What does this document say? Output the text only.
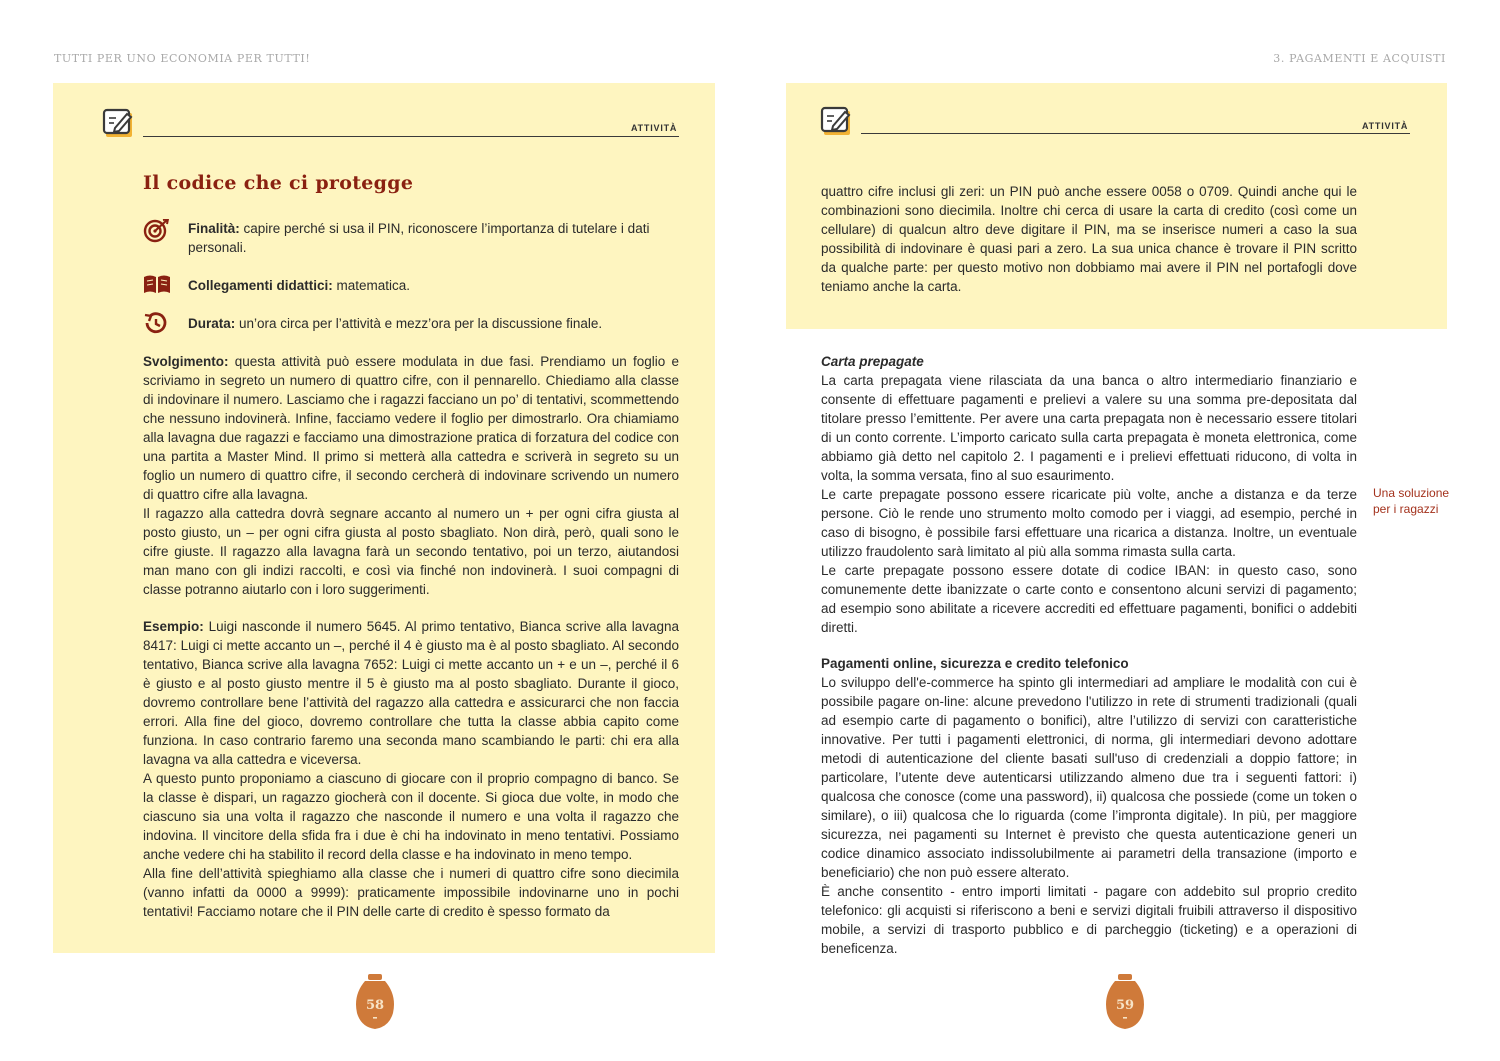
TUTTI PER UNO ECONOMIA PER TUTTI!	3. PAGAMENTI E ACQUISTI
ATTIVITÀ
Il codice che ci protegge
Finalità: capire perché si usa il PIN, riconoscere l’importanza di tutelare i dati personali.
Collegamenti didattici: matematica.
Durata: un’ora circa per l’attività e mezz’ora per la discussione finale.

Svolgimento: questa attività può essere modulata in due fasi. Prendiamo un foglio e scriviamo in segreto un numero di quattro cifre, con il pennarello. Chiediamo alla classe di indovinare il numero. Lasciamo che i ragazzi facciano un po’ di tentativi, scommettendo che nessuno indovinerà. Infine, facciamo vedere il foglio per dimostrarlo. Ora chiamiamo alla lavagna due ragazzi e facciamo una dimostrazione pratica di forzatura del codice con una partita a Master Mind. Il primo si metterà alla cattedra e scriverà in segreto su un foglio un numero di quattro cifre, il secondo cercherà di indovinare scrivendo un numero di quattro cifre alla lavagna.

Il ragazzo alla cattedra dovrà segnare accanto al numero un + per ogni cifra giusta al posto giusto, un – per ogni cifra giusta al posto sbagliato. Non dirà, però, quali sono le cifre giuste. Il ragazzo alla lavagna farà un secondo tentativo, poi un terzo, aiutandosi man mano con gli indizi raccolti, e così via finché non indovinerà. I suoi compagni di classe potranno aiutarlo con i loro suggerimenti.

Esempio: Luigi nasconde il numero 5645. Al primo tentativo, Bianca scrive alla lavagna 8417: Luigi ci mette accanto un –, perché il 4 è giusto ma è al posto sbagliato. Al secondo tentativo, Bianca scrive alla lavagna 7652: Luigi ci mette accanto un + e un –, perché il 6 è giusto e al posto giusto mentre il 5 è giusto ma al posto sbagliato. Durante il gioco, dovremo controllare bene l’attività del ragazzo alla cattedra e assicurarci che non faccia errori. Alla fine del gioco, dovremo controllare che tutta la classe abbia capito come funziona. In caso contrario faremo una seconda mano scambiando le parti: chi era alla lavagna va alla cattedra e viceversa.

A questo punto proponiamo a ciascuno di giocare con il proprio compagno di banco. Se la classe è dispari, un ragazzo giocherà con il docente. Si gioca due volte, in modo che ciascuno sia una volta il ragazzo che nasconde il numero e una volta il ragazzo che indovina. Il vincitore della sfida fra i due è chi ha indovinato in meno tentativi. Possiamo anche vedere chi ha stabilito il record della classe e ha indovinato in meno tempo.

Alla fine dell’attività spieghiamo alla classe che i numeri di quattro cifre sono diecimila (vanno infatti da 0000 a 9999): praticamente impossibile indovinarne uno in pochi tentativi! Facciamo notare che il PIN delle carte di credito è spesso formato da

ATTIVITÀ
quattro cifre inclusi gli zeri: un PIN può anche essere 0058 o 0709. Quindi anche qui le combinazioni sono diecimila. Inoltre chi cerca di usare la carta di credito (così come un cellulare) di qualcun altro deve digitare il PIN, ma se inserisce numeri a caso la sua possibilità di indovinare è quasi pari a zero. La sua unica chance è trovare il PIN scritto da qualche parte: per questo motivo non dobbiamo mai avere il PIN nel portafogli dove teniamo anche la carta.

Carta prepagate

La carta prepagata viene rilasciata da una banca o altro intermediario finanziario e consente di effettuare pagamenti e prelievi a valere su una somma pre-depositata dal titolare presso l’emittente. Per avere una carta prepagata non è necessario essere titolari di un conto corrente. L’importo caricato sulla carta prepagata è moneta elettronica, come abbiamo già detto nel capitolo 2. I pagamenti e i prelievi effettuati riducono, di volta in volta, la somma versata, fino al suo esaurimento.

Le carte prepagate possono essere ricaricate più volte, anche a distanza e da terze persone. Ciò le rende uno strumento molto comodo per i viaggi, ad esempio, perché in caso di bisogno, è possibile farsi effettuare una ricarica a distanza. Inoltre, un eventuale utilizzo fraudolento sarà limitato al più alla somma rimasta sulla carta.

Le carte prepagate possono essere dotate di codice IBAN: in questo caso, sono comunemente dette ibanizzate o carte conto e consentono alcuni servizi di pagamento; ad esempio sono abilitate a ricevere accrediti ed effettuare pagamenti, bonifici o addebiti diretti.

Una soluzione per i ragazzi

Pagamenti online, sicurezza e credito telefonico

Lo sviluppo dell'e-commerce ha spinto gli intermediari ad ampliare le modalità con cui è possibile pagare on-line: alcune prevedono l'utilizzo in rete di strumenti tradizionali (quali ad esempio carte di pagamento o bonifici), altre l’utilizzo di servizi con caratteristiche innovative. Per tutti i pagamenti elettronici, di norma, gli intermediari devono adottare metodi di autenticazione del cliente basati sull'uso di credenziali a doppio fattore; in particolare, l’utente deve autenticarsi utilizzando almeno due tra i seguenti fattori: i) qualcosa che conosce (come una password), ii) qualcosa che possiede (come un token o similare), o iii) qualcosa che lo riguarda (come l’impronta digitale). In più, per maggiore sicurezza, nei pagamenti su Internet è previsto che questa autenticazione generi un codice dinamico associato indissolubilmente ai parametri della transazione (importo e beneficiario) che non può essere alterato.

È anche consentito - entro importi limitati - pagare con addebito sul proprio credito telefonico: gli acquisti si riferiscono a beni e servizi digitali fruibili attraverso il dispositivo mobile, a servizi di trasporto pubblico e di parcheggio (ticketing) e a operazioni di beneficenza.

58	59
